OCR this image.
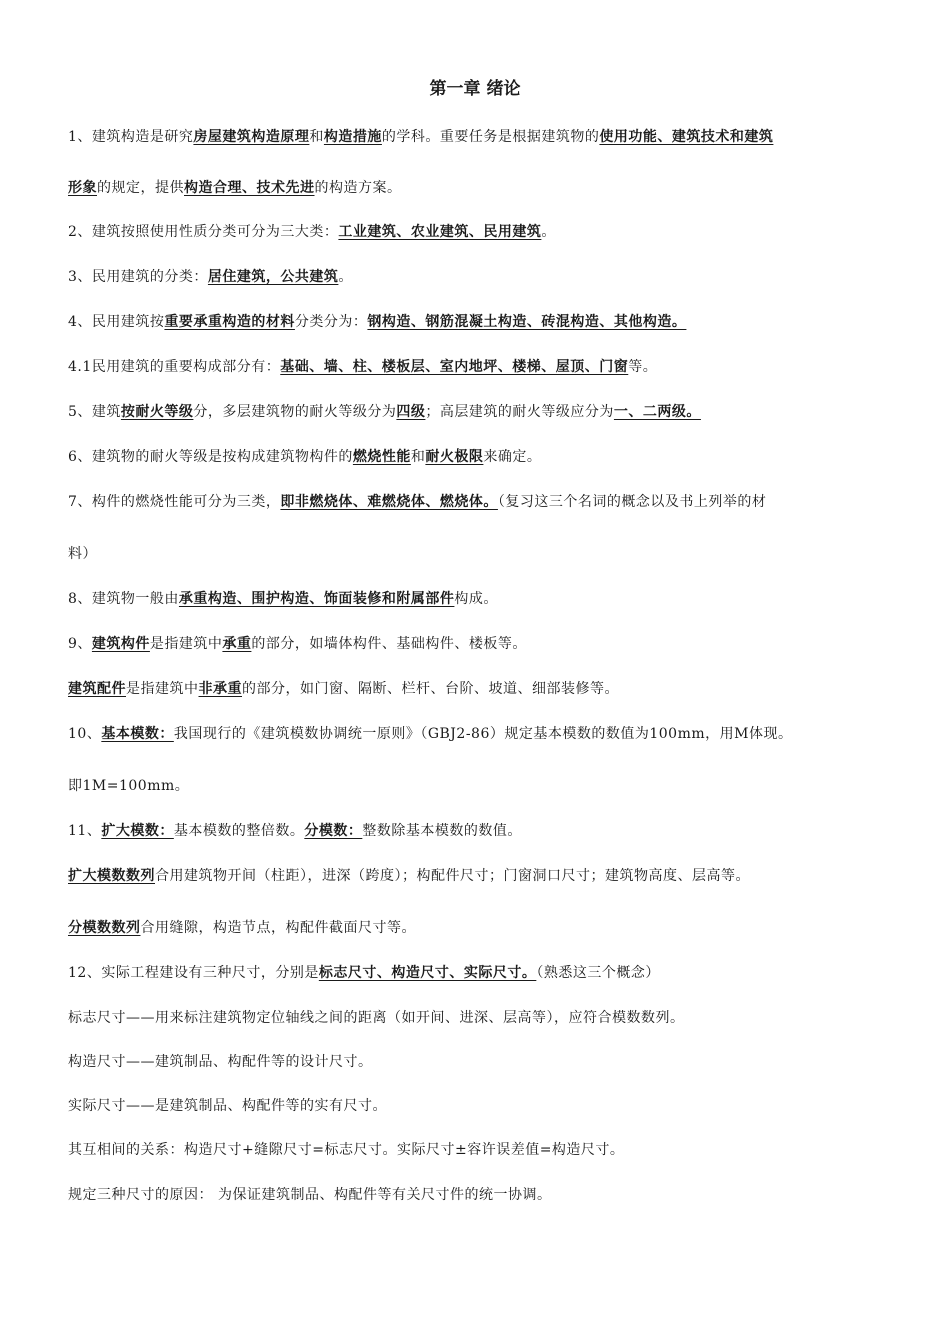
第一章 绪论
1、建筑构造是研究房屋建筑构造原理和构造措施的学科。重要任务是根据建筑物的使用功能、建筑技术和建筑
形象的规定，提供构造合理、技术先进的构造方案。
2、建筑按照使用性质分类可分为三大类：工业建筑、农业建筑、民用建筑。
3、民用建筑的分类：居住建筑，公共建筑。
4、民用建筑按重要承重构造的材料分类分为：钢构造、钢筋混凝土构造、砖混构造、其他构造。
4.1民用建筑的重要构成部分有：基础、墙、柱、楼板层、室内地坪、楼梯、屋顶、门窗等。
5、建筑按耐火等级分，多层建筑物的耐火等级分为四级；高层建筑的耐火等级应分为一、二两级。
6、建筑物的耐火等级是按构成建筑物构件的燃烧性能和耐火极限来确定。
7、构件的燃烧性能可分为三类，即非燃烧体、难燃烧体、燃烧体。（复习这三个名词的概念以及书上列举的材
料）
8、建筑物一般由承重构造、围护构造、饰面装修和附属部件构成。
9、建筑构件是指建筑中承重的部分，如墙体构件、基础构件、楼板等。
建筑配件是指建筑中非承重的部分，如门窗、隔断、栏杆、台阶、坡道、细部装修等。
10、基本模数：我国现行的《建筑模数协调统一原则》（GBJ2-86）规定基本模数的数值为100mm，用M体现。
即1M=100mm。
11、扩大模数：基本模数的整倍数。分模数：整数除基本模数的数值。
扩大模数数列合用建筑物开间（柱距），进深（跨度）；构配件尺寸；门窗洞口尺寸；建筑物高度、层高等。
分模数数列合用缝隙，构造节点，构配件截面尺寸等。
12、实际工程建设有三种尺寸，分别是标志尺寸、构造尺寸、实际尺寸。（熟悉这三个概念）
标志尺寸——用来标注建筑物定位轴线之间的距离（如开间、进深、层高等），应符合模数数列。
构造尺寸——建筑制品、构配件等的设计尺寸。
实际尺寸——是建筑制品、构配件等的实有尺寸。
其互相间的关系：构造尺寸+缝隙尺寸=标志尺寸。实际尺寸±容许误差值=构造尺寸。
规定三种尺寸的原因： 为保证建筑制品、构配件等有关尺寸件的统一协调。
